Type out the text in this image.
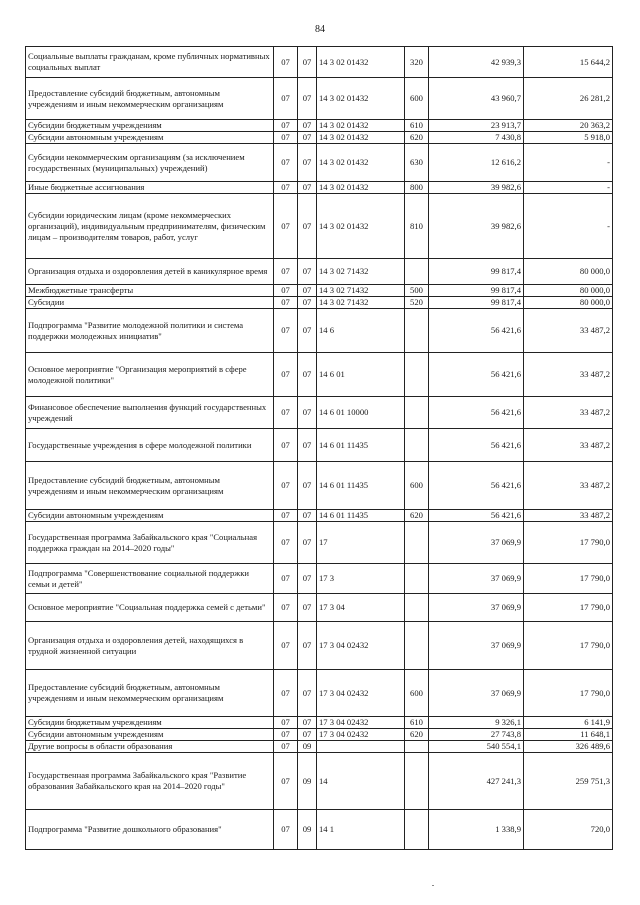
84
Социальные выплаты гражданам, кроме публичных нормативных социальных выплат	07	07	14 3 02 01432	320	42 939,3	15 644,2
Предоставление субсидий бюджетным, автономным учреждениям и иным некоммерческим организациям	07	07	14 3 02 01432	600	43 960,7	26 281,2
Субсидии бюджетным учреждениям	07	07	14 3 02 01432	610	23 913,7	20 363,2
Субсидии автономным учреждениям	07	07	14 3 02 01432	620	7 430,8	5 918,0
Субсидии некоммерческим организациям (за исключением государственных (муниципальных) учреждений)	07	07	14 3 02 01432	630	12 616,2	-
Иные бюджетные ассигнования	07	07	14 3 02 01432	800	39 982,6	-
Субсидии юридическим лицам (кроме некоммерческих организаций), индивидуальным предпринимателям, физическим лицам – производителям товаров, работ, услуг	07	07	14 3 02 01432	810	39 982,6	-
Организация отдыха и оздоровления детей в каникулярное время	07	07	14 3 02 71432		99 817,4	80 000,0
Межбюджетные трансферты	07	07	14 3 02 71432	500	99 817,4	80 000,0
Субсидии	07	07	14 3 02 71432	520	99 817,4	80 000,0
Подпрограмма "Развитие молодежной политики и система поддержки молодежных инициатив"	07	07	14 6		56 421,6	33 487,2
Основное мероприятие "Организация мероприятий в сфере молодежной политики"	07	07	14 6 01		56 421,6	33 487,2
Финансовое обеспечение выполнения функций государственных учреждений	07	07	14 6 01 10000		56 421,6	33 487,2
Государственные учреждения в сфере молодежной политики	07	07	14 6 01 11435		56 421,6	33 487,2
Предоставление субсидий бюджетным, автономным учреждениям и иным некоммерческим организациям	07	07	14 6 01 11435	600	56 421,6	33 487,2
Субсидии автономным учреждениям	07	07	14 6 01 11435	620	56 421,6	33 487,2
Государственная программа Забайкальского края "Социальная поддержка граждан на 2014–2020 годы"	07	07	17		37 069,9	17 790,0
Подпрограмма "Совершенствование социальной поддержки семьи и детей"	07	07	17 3		37 069,9	17 790,0
Основное мероприятие "Социальная поддержка семей с детьми"	07	07	17 3 04		37 069,9	17 790,0
Организация отдыха и оздоровления детей, находящихся в трудной жизненной ситуации	07	07	17 3 04 02432		37 069,9	17 790,0
Предоставление субсидий бюджетным, автономным учреждениям и иным некоммерческим организациям	07	07	17 3 04 02432	600	37 069,9	17 790,0
Субсидии бюджетным учреждениям	07	07	17 3 04 02432	610	9 326,1	6 141,9
Субсидии автономным учреждениям	07	07	17 3 04 02432	620	27 743,8	11 648,1
Другие вопросы в области образования	07	09			540 554,1	326 489,6
Государственная программа Забайкальского края "Развитие образования Забайкальского края на 2014–2020 годы"	07	09	14		427 241,3	259 751,3
Подпрограмма "Развитие дошкольного образования"	07	09	14 1		1 338,9	720,0
